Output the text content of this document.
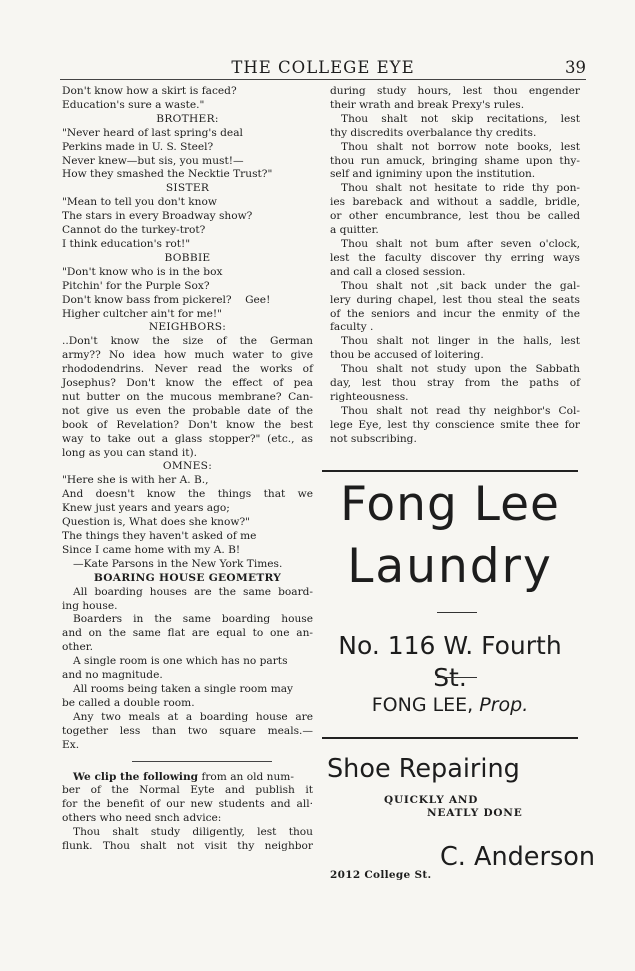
THE COLLEGE EYE	39

Don't know how a skirt is faced?

Education's sure a waste."

BROTHER:

"Never heard of last spring's deal

Perkins made in U. S. Steel?

Never knew—but sis, you must!—

How they smashed the Necktie Trust?"

SISTER

"Mean to tell you don't know

The stars in every Broadway show?

Cannot do the turkey-trot?

I think education's rot!"

BOBBIE

"Don't know who is in the box

Pitchin' for the Purple Sox?

Don't know bass from pickerel?    Gee!

Higher cultcher ain't for me!"

NEIGHBORS:

..Don't know the size of the German

army?? No idea how much water to give

rhododendrins. Never read the works of

Josephus? Don't know the effect of pea

nut butter on the mucous membrane? Can-

not give us even the probable date of the

book of Revelation? Don't know the best

way to take out a glass stopper?" (etc., as

long as you can stand it).

OMNES:

"Here she is with her A. B.,

And doesn't know the things that we

Knew just years and years ago;

Question is, What does she know?"

The things they haven't asked of me

Since I came home with my A. B!

—Kate Parsons in the New York Times.

BOARING HOUSE GEOMETRY

All boarding houses are the same board-

ing house.

Boarders in the same boarding house

and on the same flat are equal to one an-

other.

A single room is one which has no parts

and no magnitude.

All rooms being taken a single room may

be called a double room.

Any two meals at a boarding house are

together less than two square meals.—

Ex.

We clip the following from an old num-

ber of the Normal Eyte and publish it

for the benefit of our new students and all·

others who need snch advice:

Thou shalt study diligently, lest thou

flunk. Thou shalt not visit thy neighbor

during study hours, lest thou engender

their wrath and break Prexy's rules.

Thou shalt not skip recitations, lest

thy discredits overbalance thy credits.

Thou shalt not borrow note books, lest

thou run amuck, bringing shame upon thy-

self and igniminy upon the institution.

Thou shalt not hesitate to ride thy pon-

ies bareback and without a saddle, bridle,

or other encumbrance, lest thou be called

a quitter.

Thou shalt not bum after seven o'clock,

lest the faculty discover thy erring ways

and call a closed session.

Thou shalt not ,sit back under the gal-

lery during chapel, lest thou steal the seats

of the seniors and incur the enmity of the

faculty .

Thou shalt not linger in the halls, lest

thou be accused of loitering.

Thou shalt not study upon the Sabbath

day, lest thou stray from the paths of

righteousness.

Thou shalt not read thy neighbor's Col-

lege Eye, lest thy conscience smite thee for

not subscribing.

Fong Lee
Laundry
No. 116 W. Fourth St.
FONG LEE, Prop.
Shoe Repairing
QUICKLY AND
NEATLY DONE
C. Anderson
2012 College St.
